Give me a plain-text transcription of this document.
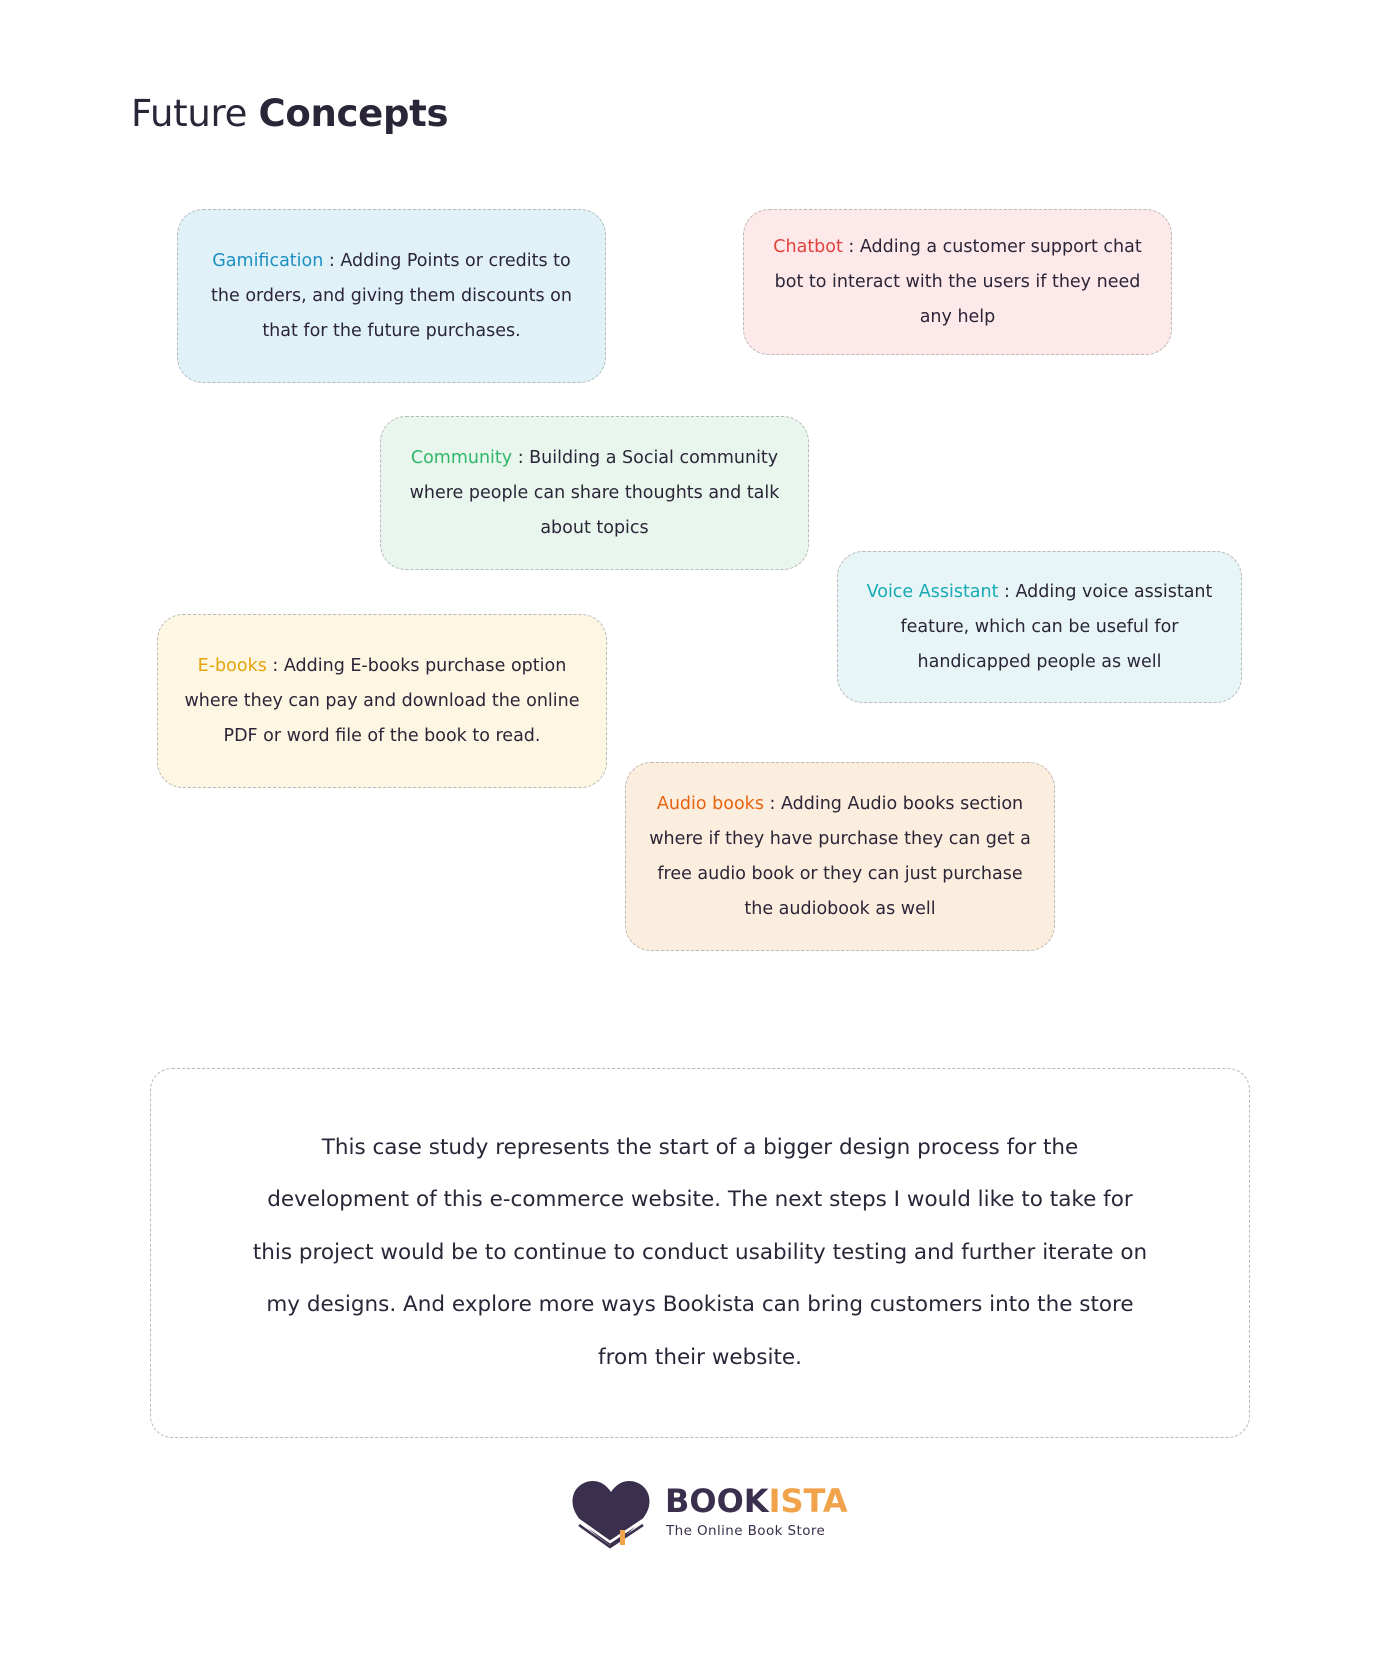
Future Concepts

Gamification : Adding Points or credits to the orders, and giving them discounts on that for the future purchases.

Chatbot : Adding a customer support chat bot to interact with the users if they need any help

Community : Building a Social community where people can share thoughts and talk about topics

Voice Assistant : Adding voice assistant feature, which can be useful for handicapped people as well

E-books : Adding E-books purchase option where they can pay and download the online PDF or word file of the book to read.

Audio books : Adding Audio books section where if they have purchase they can get a free audio book or they can just purchase the audiobook as well

This case study represents the start of a bigger design process for the development of this e-commerce website. The next steps I would like to take for this project would be to continue to conduct usability testing and further iterate on my designs. And explore more ways Bookista can bring customers into the store from their website.

BOOKISTA
The Online Book Store
